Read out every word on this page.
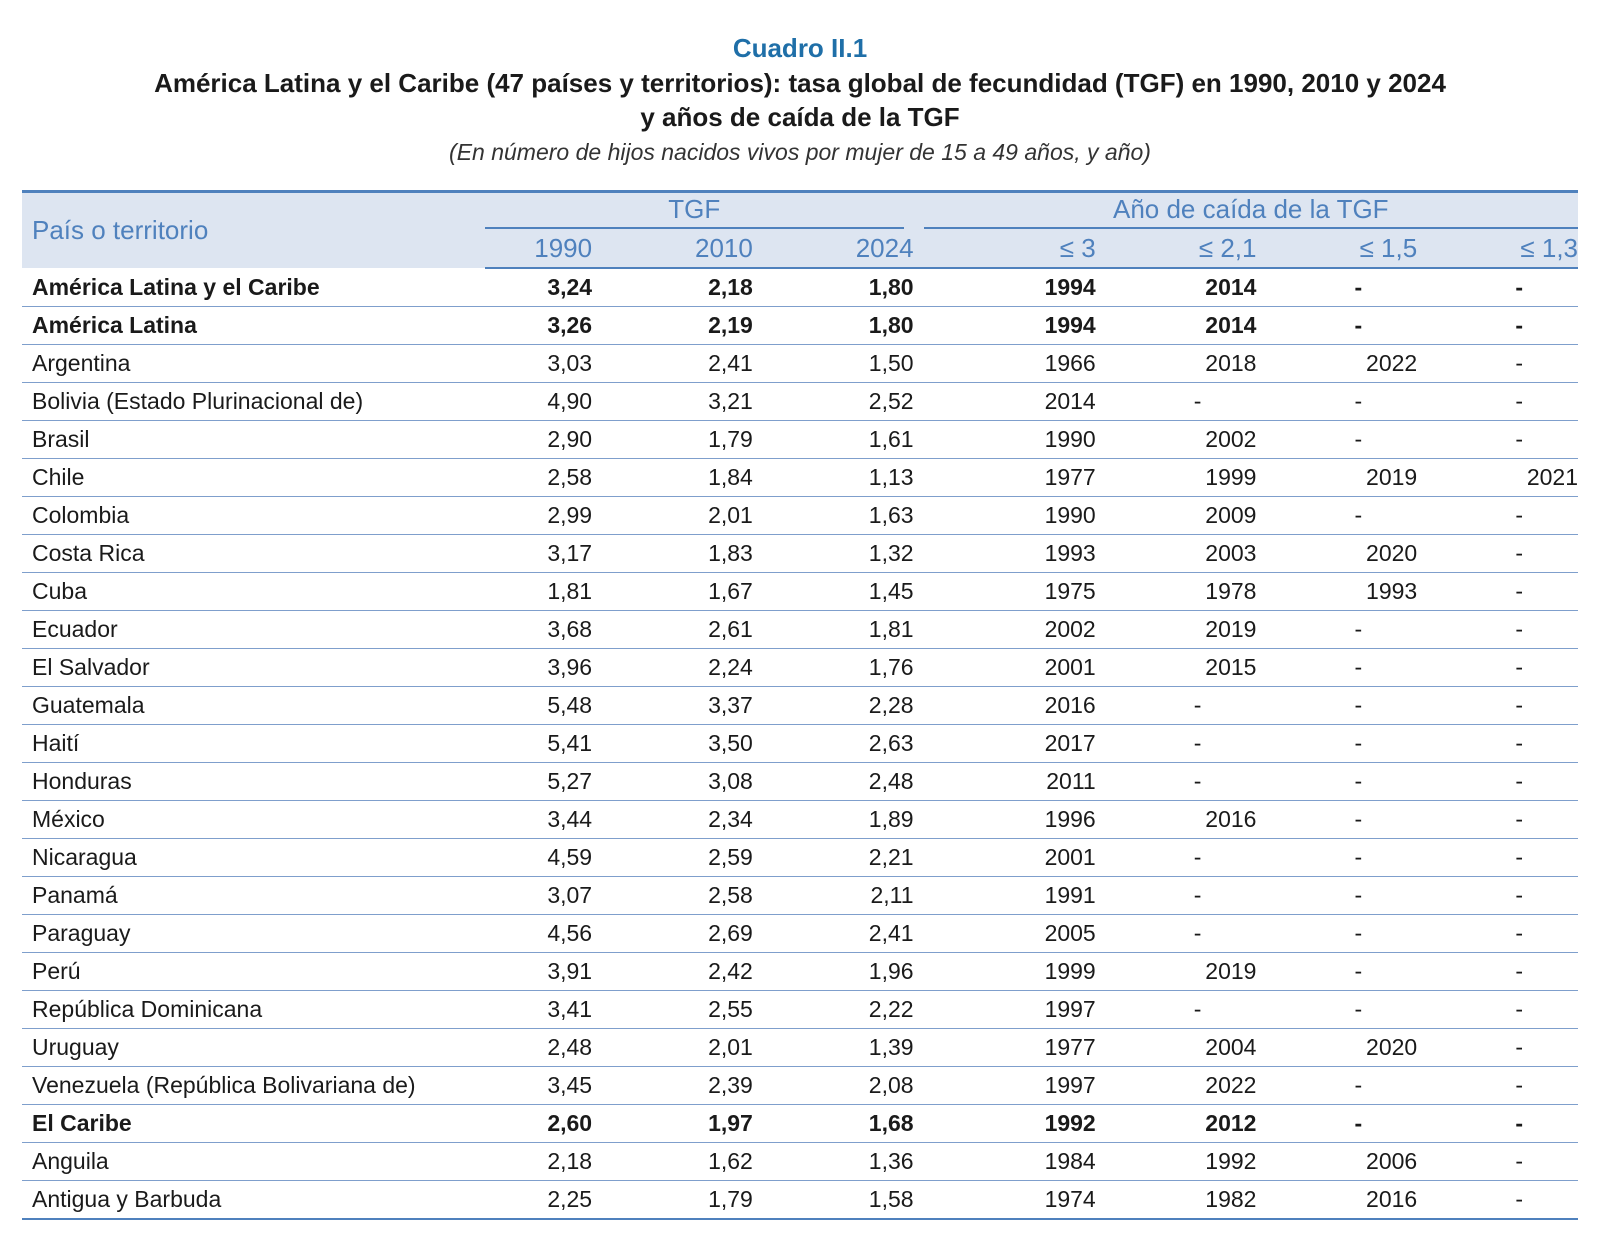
Cuadro II.1
América Latina y el Caribe (47 países y territorios): tasa global de fecundidad (TGF) en 1990, 2010 y 2024
y años de caída de la TGF
(En número de hijos nacidos vivos por mujer de 15 a 49 años, y año)
País o territorio	TGF			Año de caída de la TGF			

	1990	2010	2024	≤ 3	≤ 2,1	≤ 1,5	≤ 1,3
América Latina y el Caribe	3,24	2,18	1,80	1994	2014	-	-
América Latina	3,26	2,19	1,80	1994	2014	-	-
Argentina	3,03	2,41	1,50	1966	2018	2022	-
Bolivia (Estado Plurinacional de)	4,90	3,21	2,52	2014	-	-	-
Brasil	2,90	1,79	1,61	1990	2002	-	-
Chile	2,58	1,84	1,13	1977	1999	2019	2021
Colombia	2,99	2,01	1,63	1990	2009	-	-
Costa Rica	3,17	1,83	1,32	1993	2003	2020	-
Cuba	1,81	1,67	1,45	1975	1978	1993	-
Ecuador	3,68	2,61	1,81	2002	2019	-	-
El Salvador	3,96	2,24	1,76	2001	2015	-	-
Guatemala	5,48	3,37	2,28	2016	-	-	-
Haití	5,41	3,50	2,63	2017	-	-	-
Honduras	5,27	3,08	2,48	2011	-	-	-
México	3,44	2,34	1,89	1996	2016	-	-
Nicaragua	4,59	2,59	2,21	2001	-	-	-
Panamá	3,07	2,58	2,11	1991	-	-	-
Paraguay	4,56	2,69	2,41	2005	-	-	-
Perú	3,91	2,42	1,96	1999	2019	-	-
República Dominicana	3,41	2,55	2,22	1997	-	-	-
Uruguay	2,48	2,01	1,39	1977	2004	2020	-
Venezuela (República Bolivariana de)	3,45	2,39	2,08	1997	2022	-	-
El Caribe	2,60	1,97	1,68	1992	2012	-	-
Anguila	2,18	1,62	1,36	1984	1992	2006	-
Antigua y Barbuda	2,25	1,79	1,58	1974	1982	2016	-
